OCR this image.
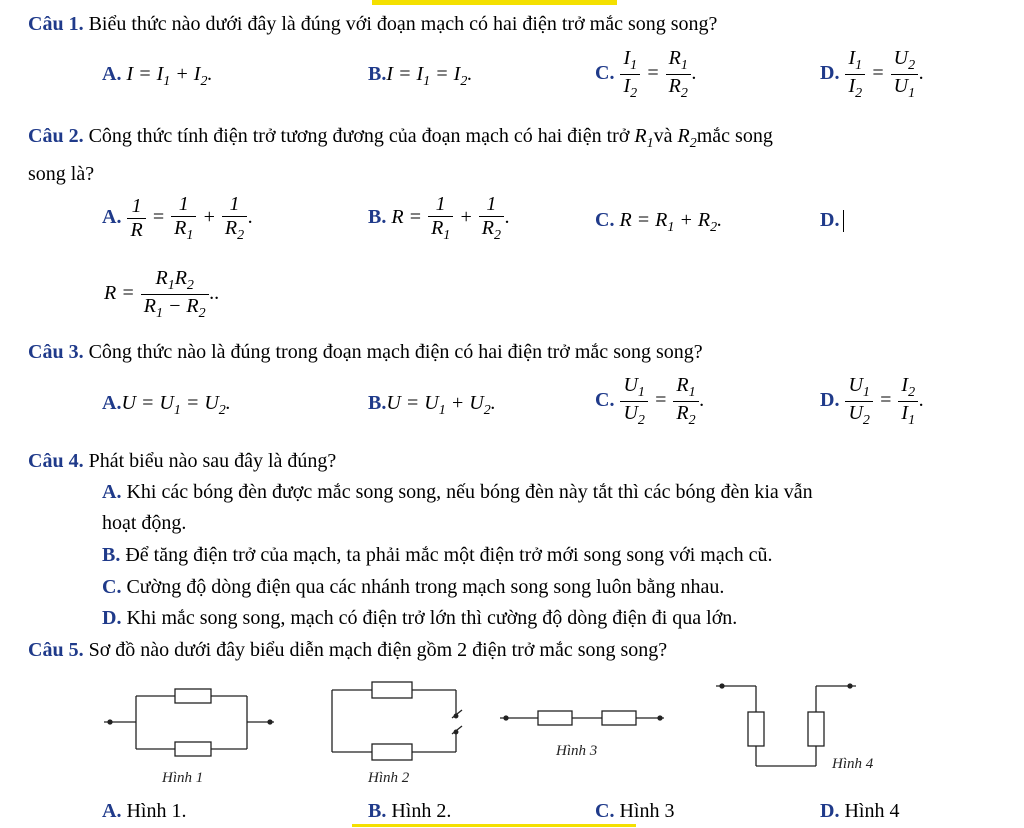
Câu 1. Biểu thức nào dưới đây là đúng với đoạn mạch có hai điện trở mắc song song?
A. $I = I_1 + I_2$.	$B.I = I_1 = I_2$.	C. $\frac{I_1}{I_2} = \frac{R_1}{R_2}$ .	D. $\frac{I_1}{I_2} = \frac{U_2}{U_1}$ .
Câu 2. Công thức tính điện trở tương đương của đoạn mạch có hai điện trở $R_1và$ $R_2mắc$ song
song là?
A. $\frac{1}{R} = \frac{1}{R_1} + \frac{1}{R_2}$ .	B. $R = \frac{1}{R_1} + \frac{1}{R_2}$ .	C. $R = R_1 + R_2$.	D.
$R = \frac{R_1R_2}{R_1 - R_2}$ ..
Câu 3. Công thức nào là đúng trong đoạn mạch điện có hai điện trở mắc song song?
$A.U = U_1 = U_2$.	$B.U = U_1 + U_2$.	C. $\frac{U_1}{U_2} = \frac{R_1}{R_2}$ .	D. $\frac{U_1}{U_2} = \frac{I_2}{I_1}$ .
Câu 4. Phát biểu nào sau đây là đúng?
A. Khi các bóng đèn được mắc song song, nếu bóng đèn này tắt thì các bóng đèn kia vẫn
hoạt động.
B. Để tăng điện trở của mạch, ta phải mắc một điện trở mới song song với mạch cũ.
C. Cường độ dòng điện qua các nhánh trong mạch song song luôn bằng nhau.
D. Khi mắc song song, mạch có điện trở lớn thì cường độ dòng điện đi qua lớn.
Câu 5. Sơ đồ nào dưới đây biểu diễn mạch điện gồm 2 điện trở mắc song song?
Hình 1	Hình 2
Hình 3
Hình 4
A. Hình 1.	B. Hình 2.	C. Hình 3	D. Hình 4
